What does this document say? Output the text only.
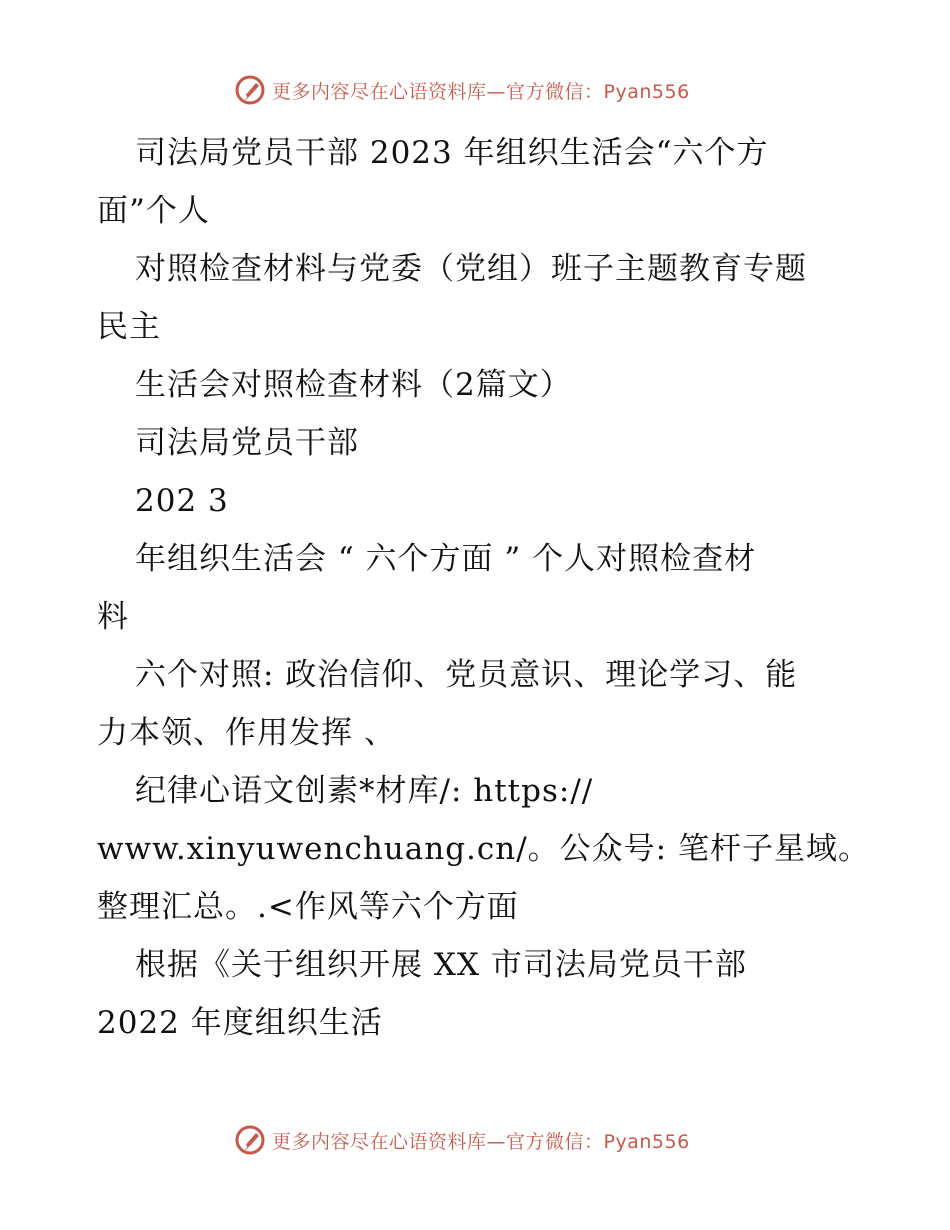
更多内容尽在心语资料库—官方微信：Pyan556
司法局党员干部 2023 年组织生活会“六个方
面”个人
对照检查材料与党委（党组）班子主题教育专题
民主
生活会对照检查材料（2篇文）
司法局党员干部
202 3
年组织生活会 “ 六个方面 ” 个人对照检查材
料
六个对照: 政治信仰、党员意识、理论学习、能
力本领、作用发挥 、
纪律心语文创素*材库/: https://
www.xinyuwenchuang.cn/。公众号: 笔杆子星域。
整理汇总。.<作风等六个方面
根据《关于组织开展 XX 市司法局党员干部
2022 年度组织生活
更多内容尽在心语资料库—官方微信：Pyan556
